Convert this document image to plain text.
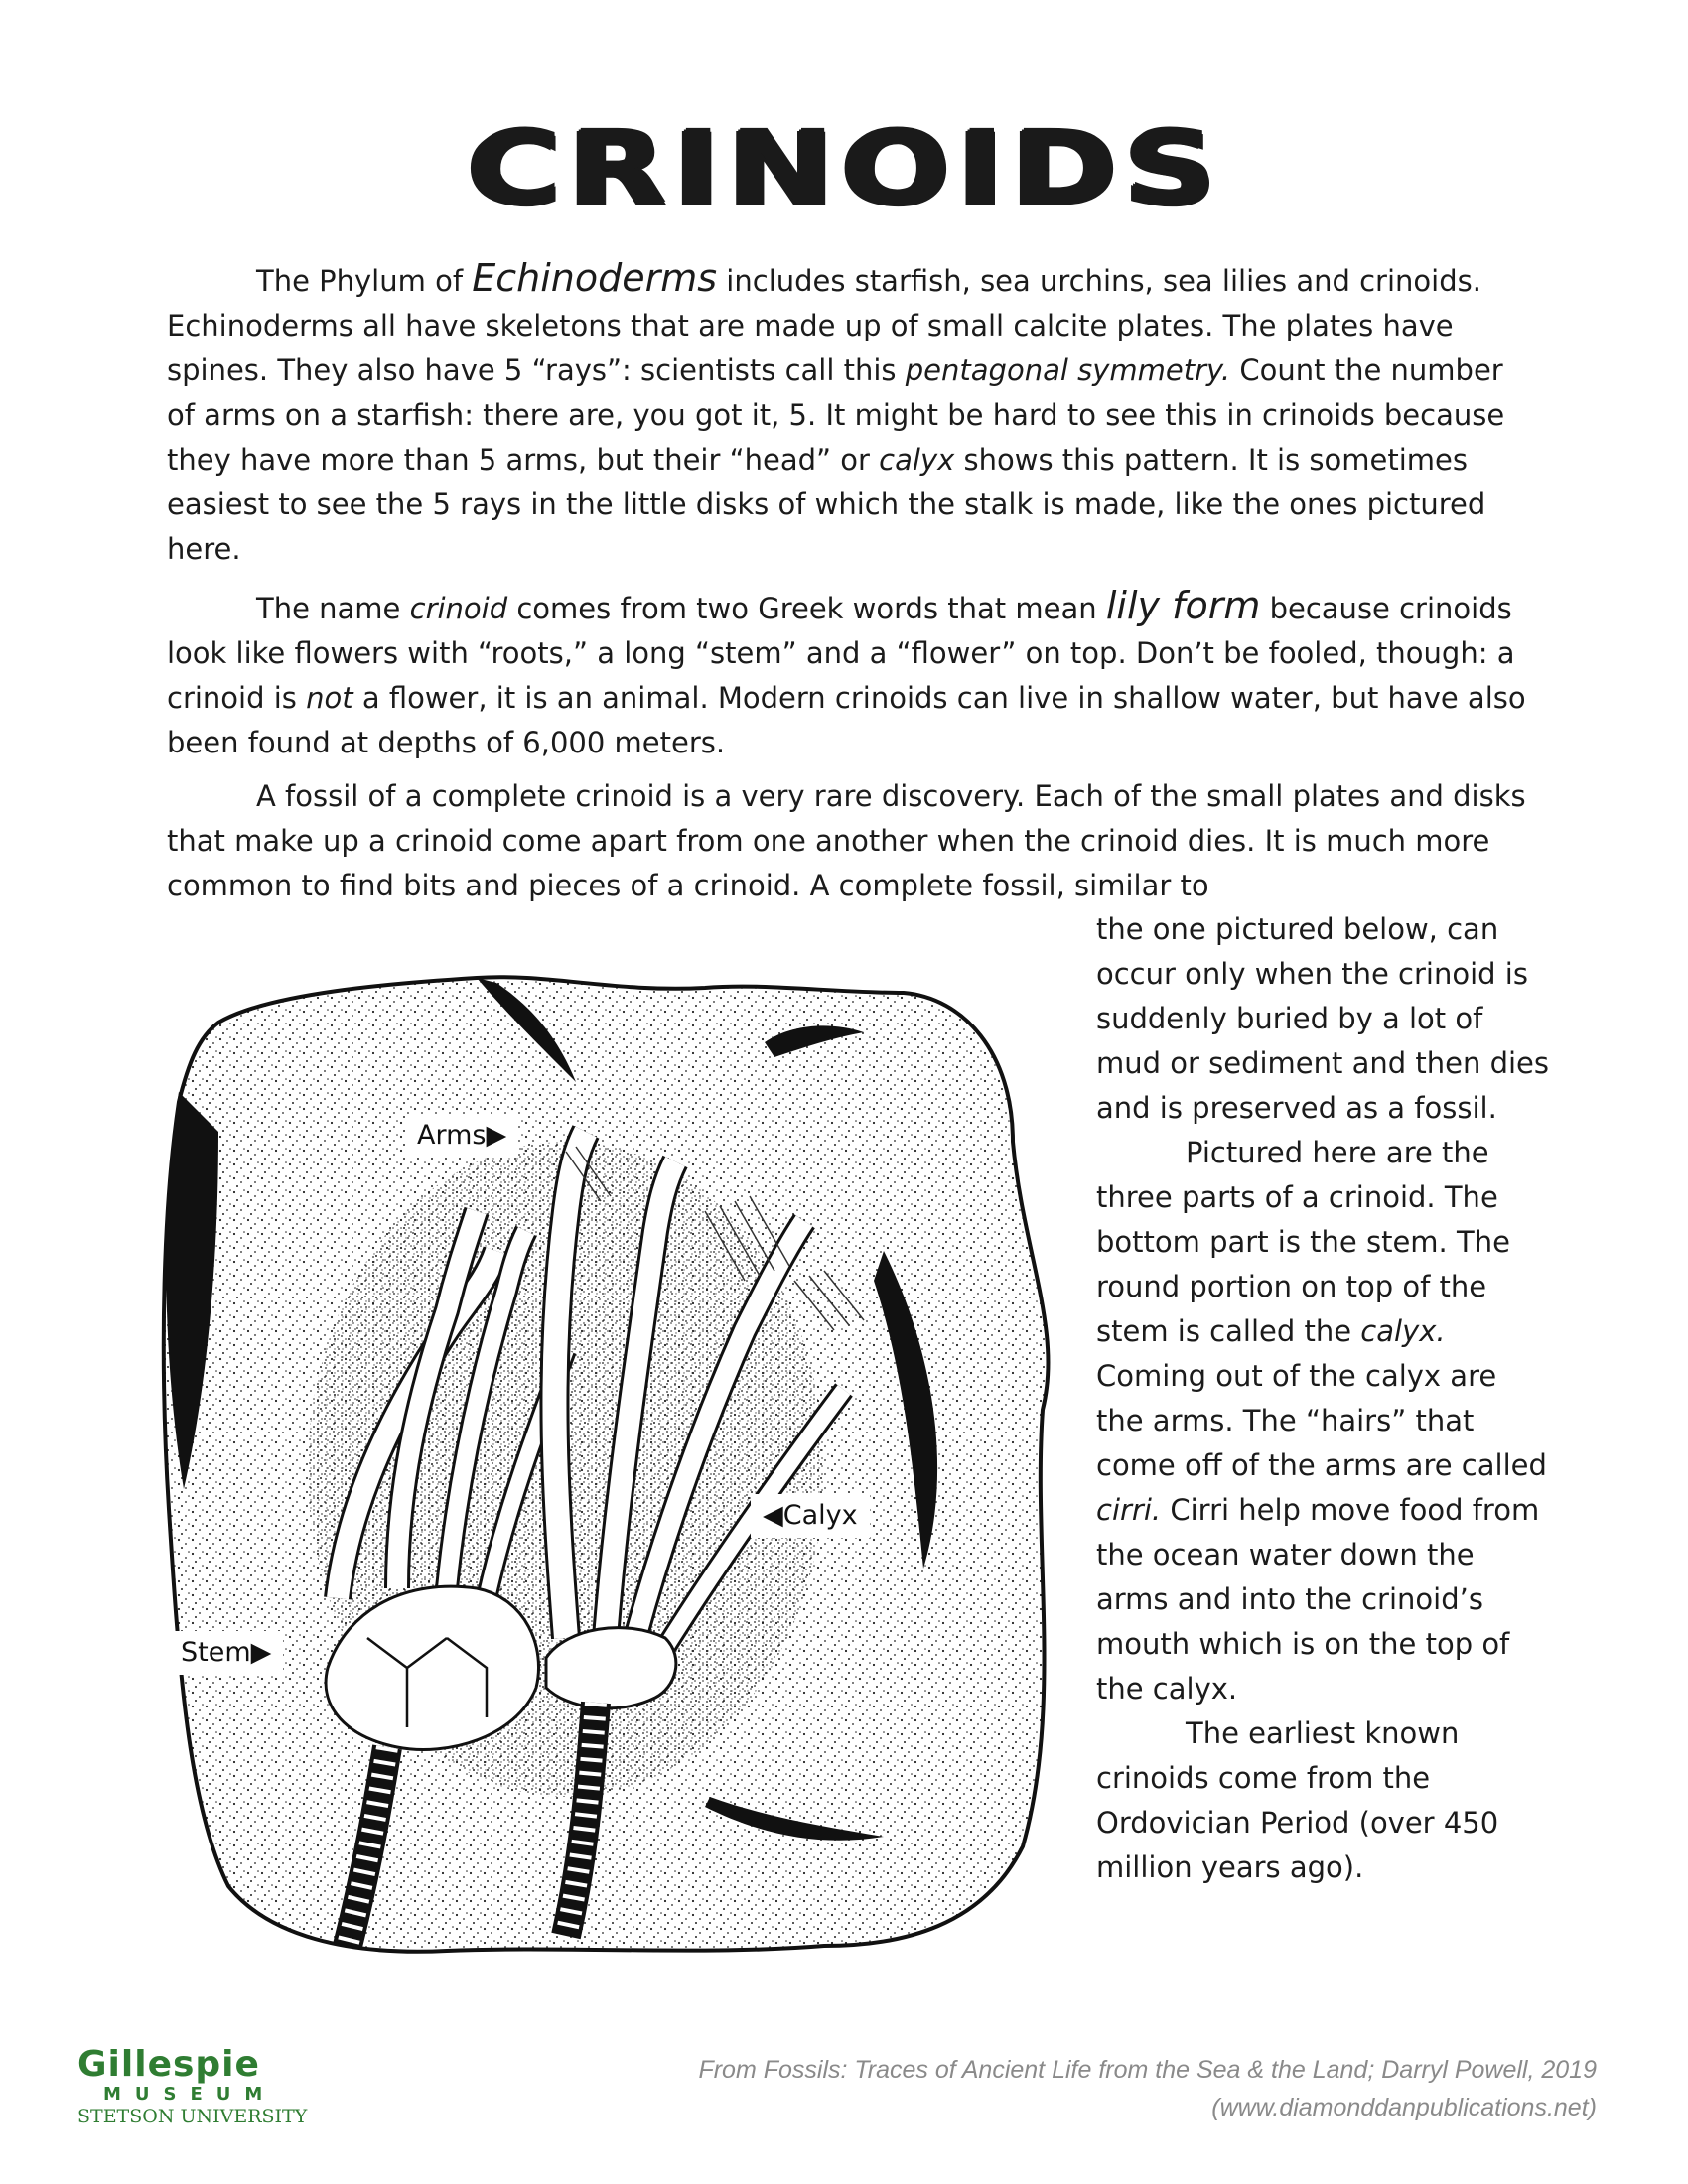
CRINOIDS

The Phylum of Echinoderms includes starfish, sea urchins, sea lilies and crinoids. Echinoderms all have skeletons that are made up of small calcite plates. The plates have spines. They also have 5 “rays”: scientists call this pentagonal symmetry. Count the number of arms on a starfish: there are, you got it, 5. It might be hard to see this in crinoids because they have more than 5 arms, but their “head” or calyx shows this pattern. It is sometimes easiest to see the 5 rays in the little disks of which the stalk is made, like the ones pictured here.

The name crinoid comes from two Greek words that mean lily form because crinoids look like flowers with “roots,” a long “stem” and a “flower” on top. Don’t be fooled, though: a crinoid is not a flower, it is an animal. Modern crinoids can live in shallow water, but have also been found at depths of 6,000 meters.

A fossil of a complete crinoid is a very rare discovery. Each of the small plates and disks that make up a crinoid come apart from one another when the crinoid dies. It is much more common to find bits and pieces of a crinoid. A complete fossil, similar to

the one pictured below, can occur only when the crinoid is suddenly buried by a lot of mud or sediment and then dies and is preserved as a fossil.

Pictured here are the three parts of a crinoid. The bottom part is the stem. The round portion on top of the stem is called the calyx. Coming out of the calyx are the arms. The “hairs” that come off of the arms are called cirri. Cirri help move food from the ocean water down the arms and into the crinoid’s mouth which is on the top of the calyx.

The earliest known crinoids come from the Ordovician Period (over 450 million years ago).

Arms▶
◀Calyx
Stem▶
Gillespie
MUSEUM
STETSON UNIVERSITY
From Fossils: Traces of Ancient Life from the Sea & the Land; Darryl Powell, 2019
(www.diamonddanpublications.net)
